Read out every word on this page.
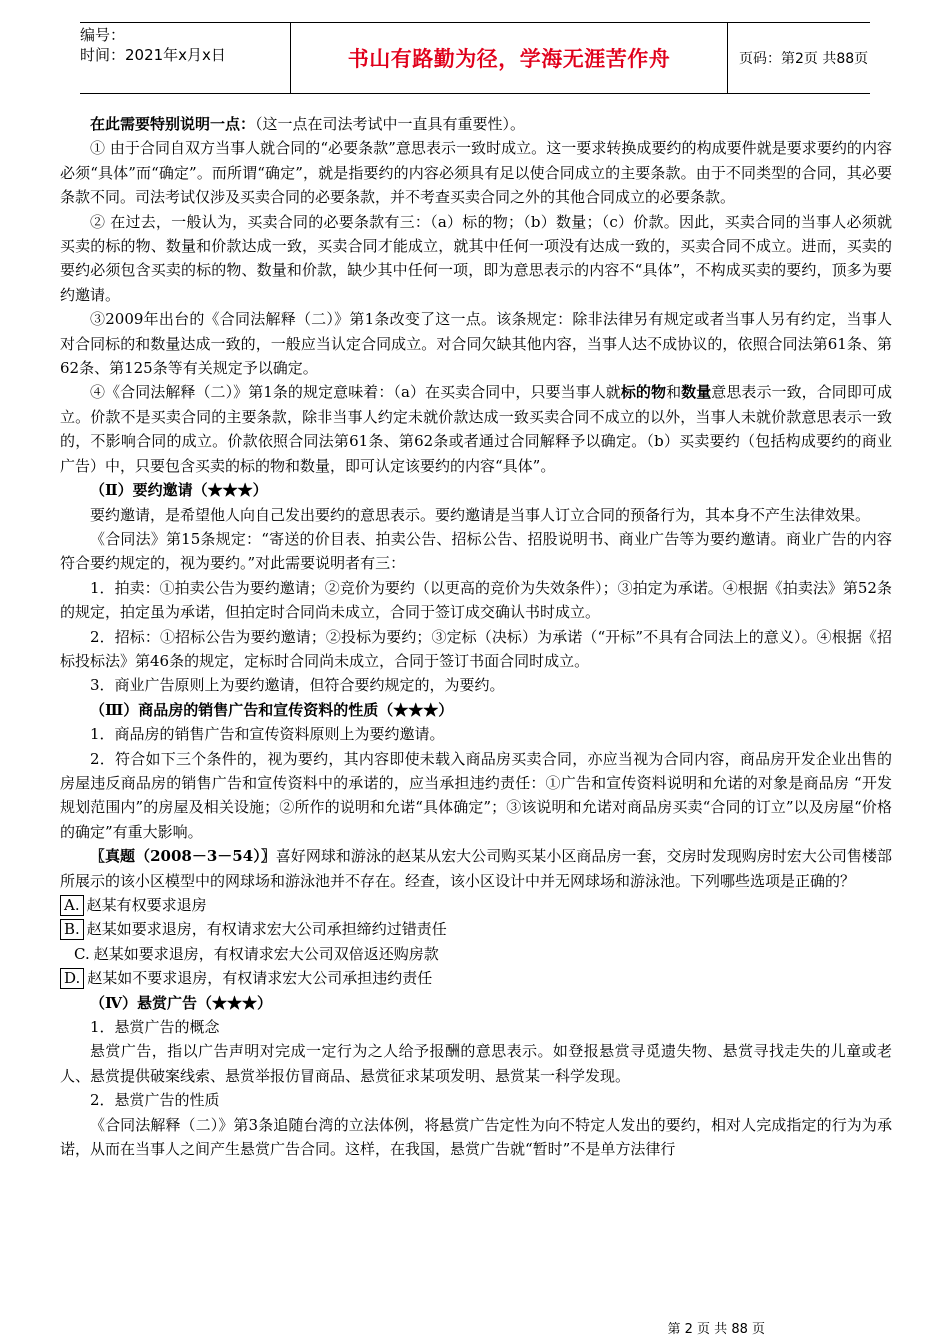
编号：
时间：2021年x月x日	书山有路勤为径，学海无涯苦作舟	页码：第2页 共88页

在此需要特别说明一点：（这一点在司法考试中一直具有重要性）。

① 由于合同自双方当事人就合同的“必要条款”意思表示一致时成立。这一要求转换成要约的构成要件就是要求要约的内容必须“具体”而“确定”。而所谓“确定”，就是指要约的内容必须具有足以使合同成立的主要条款。由于不同类型的合同，其必要条款不同。司法考试仅涉及买卖合同的必要条款，并不考查买卖合同之外的其他合同成立的必要条款。

② 在过去，一般认为，买卖合同的必要条款有三：（a）标的物；（b）数量；（c）价款。因此，买卖合同的当事人必须就买卖的标的物、数量和价款达成一致，买卖合同才能成立，就其中任何一项没有达成一致的，买卖合同不成立。进而，买卖的要约必须包含买卖的标的物、数量和价款，缺少其中任何一项，即为意思表示的内容不“具体”，不构成买卖的要约，顶多为要约邀请。

③2009年出台的《合同法解释（二）》第1条改变了这一点。该条规定：除非法律另有规定或者当事人另有约定，当事人对合同标的和数量达成一致的，一般应当认定合同成立。对合同欠缺其他内容，当事人达不成协议的，依照合同法第61条、第62条、第125条等有关规定予以确定。

④《合同法解释（二）》第1条的规定意味着：（a）在买卖合同中，只要当事人就标的物和数量意思表示一致，合同即可成立。价款不是买卖合同的主要条款，除非当事人约定未就价款达成一致买卖合同不成立的以外，当事人未就价款意思表示一致的，不影响合同的成立。价款依照合同法第61条、第62条或者通过合同解释予以确定。（b）买卖要约（包括构成要约的商业广告）中，只要包含买卖的标的物和数量，即可认定该要约的内容“具体”。

（Ⅱ）要约邀请（★★★）

要约邀请，是希望他人向自己发出要约的意思表示。要约邀请是当事人订立合同的预备行为，其本身不产生法律效果。

《合同法》第15条规定：“寄送的价目表、拍卖公告、招标公告、招股说明书、商业广告等为要约邀请。商业广告的内容符合要约规定的，视为要约。”对此需要说明者有三：

1．拍卖：①拍卖公告为要约邀请；②竞价为要约（以更高的竞价为失效条件）；③拍定为承诺。④根据《拍卖法》第52条的规定，拍定虽为承诺，但拍定时合同尚未成立，合同于签订成交确认书时成立。

2．招标：①招标公告为要约邀请；②投标为要约；③定标（决标）为承诺（“开标”不具有合同法上的意义）。④根据《招标投标法》第46条的规定，定标时合同尚未成立，合同于签订书面合同时成立。

3．商业广告原则上为要约邀请，但符合要约规定的，为要约。

（Ⅲ）商品房的销售广告和宣传资料的性质（★★★）

1．商品房的销售广告和宣传资料原则上为要约邀请。

2．符合如下三个条件的，视为要约，其内容即使未载入商品房买卖合同，亦应当视为合同内容，商品房开发企业出售的房屋违反商品房的销售广告和宣传资料中的承诺的，应当承担违约责任：①广告和宣传资料说明和允诺的对象是商品房 “开发规划范围内”的房屋及相关设施；②所作的说明和允诺“具体确定”；③该说明和允诺对商品房买卖“合同的订立”以及房屋“价格的确定”有重大影响。

〖真题（2008－3－54）〗喜好网球和游泳的赵某从宏大公司购买某小区商品房一套，交房时发现购房时宏大公司售楼部所展示的该小区模型中的网球场和游泳池并不存在。经查，该小区设计中并无网球场和游泳池。下列哪些选项是正确的？

A. 赵某有权要求退房
B. 赵某如要求退房，有权请求宏大公司承担缔约过错责任
C. 赵某如要求退房，有权请求宏大公司双倍返还购房款
D. 赵某如不要求退房，有权请求宏大公司承担违约责任

（Ⅳ）悬赏广告（★★★）

1．悬赏广告的概念

悬赏广告，指以广告声明对完成一定行为之人给予报酬的意思表示。如登报悬赏寻觅遗失物、悬赏寻找走失的儿童或老人、悬赏提供破案线索、悬赏举报仿冒商品、悬赏征求某项发明、悬赏某一科学发现。

2．悬赏广告的性质

《合同法解释（二）》第3条追随台湾的立法体例，将悬赏广告定性为向不特定人发出的要约，相对人完成指定的行为为承诺，从而在当事人之间产生悬赏广告合同。这样，在我国，悬赏广告就“暂时”不是单方法律行

第 2 页 共 88 页
